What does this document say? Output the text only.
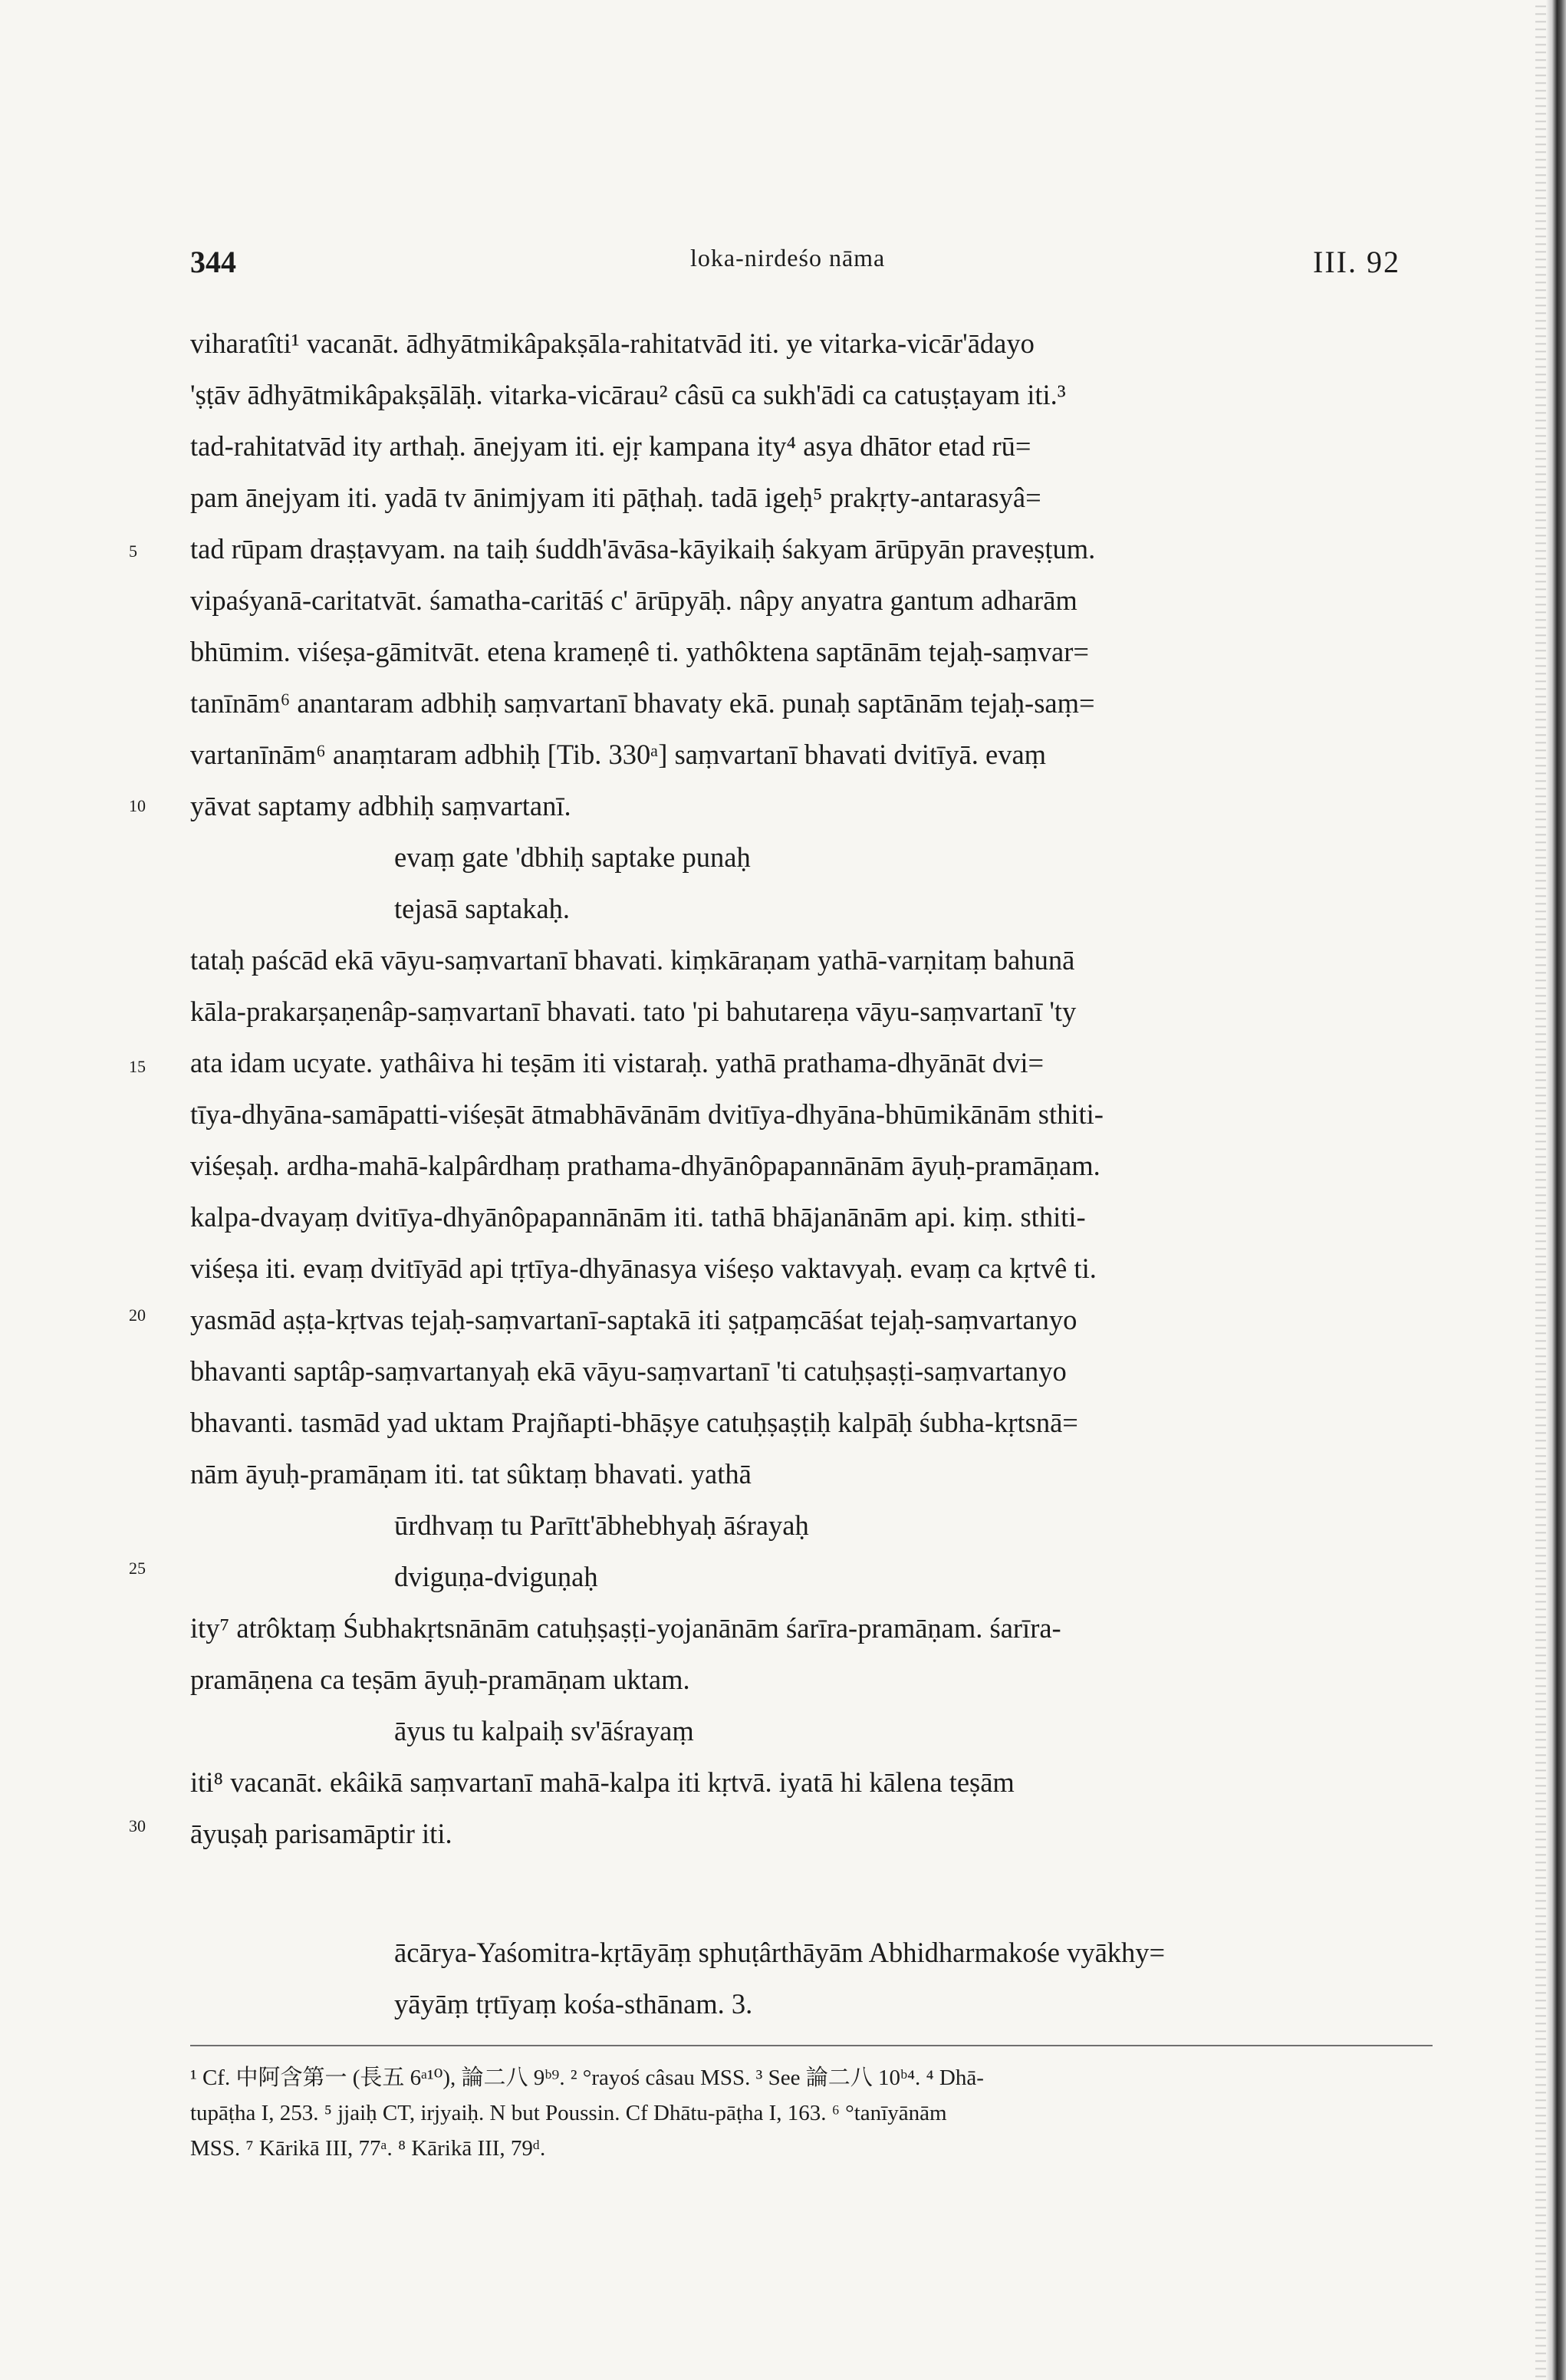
344	loka-nirdeśo nāma	III. 92
5
10
15
20
25
30
viharatîti¹ vacanāt. ādhyātmikâpakṣāla-rahitatvād iti. ye vitarka-vicār'ādayo
'ṣṭāv ādhyātmikâpakṣālāḥ. vitarka-vicārau² câsū ca sukh'ādi ca catuṣṭayam iti.³
tad-rahitatvād ity arthaḥ. ānejyam iti. ejṛ kampana ity⁴ asya dhātor etad rū=
pam ānejyam iti. yadā tv ānimjyam iti pāṭhaḥ. tadā igeḥ⁵ prakṛty-antarasyâ=
tad rūpam draṣṭavyam. na taiḥ śuddh'āvāsa-kāyikaiḥ śakyam ārūpyān praveṣṭum.
vipaśyanā-caritatvāt. śamatha-caritāś c' ārūpyāḥ. nâpy anyatra gantum adharām
bhūmim. viśeṣa-gāmitvāt. etena krameṇê ti. yathôktena saptānām tejaḥ-saṃvar=
tanīnām⁶ anantaram adbhiḥ saṃvartanī bhavaty ekā. punaḥ saptānām tejaḥ-saṃ=
vartanīnām⁶ anaṃtaram adbhiḥ [Tib. 330ᵃ] saṃvartanī bhavati dvitīyā. evaṃ
yāvat saptamy adbhiḥ saṃvartanī.
evaṃ gate 'dbhiḥ saptake punaḥ
tejasā saptakaḥ.
tataḥ paścād ekā vāyu-saṃvartanī bhavati. kiṃkāraṇam yathā-varṇitaṃ bahunā
kāla-prakarṣaṇenâp-saṃvartanī bhavati. tato 'pi bahutareṇa vāyu-saṃvartanī 'ty
ata idam ucyate. yathâiva hi teṣām iti vistaraḥ. yathā prathama-dhyānāt dvi=
tīya-dhyāna-samāpatti-viśeṣāt ātmabhāvānām dvitīya-dhyāna-bhūmikānām sthiti-
viśeṣaḥ. ardha-mahā-kalpârdhaṃ prathama-dhyānôpapannānām āyuḥ-pramāṇam.
kalpa-dvayaṃ dvitīya-dhyānôpapannānām iti. tathā bhājanānām api. kiṃ. sthiti-
viśeṣa iti. evaṃ dvitīyād api tṛtīya-dhyānasya viśeṣo vaktavyaḥ. evaṃ ca kṛtvê ti.
yasmād aṣṭa-kṛtvas tejaḥ-saṃvartanī-saptakā iti ṣaṭpaṃcāśat tejaḥ-saṃvartanyo
bhavanti saptâp-saṃvartanyaḥ ekā vāyu-saṃvartanī 'ti catuḥṣaṣṭi-saṃvartanyo
bhavanti. tasmād yad uktam Prajñapti-bhāṣye catuḥṣaṣṭiḥ kalpāḥ śubha-kṛtsnā=
nām āyuḥ-pramāṇam iti. tat sûktaṃ bhavati. yathā
ūrdhvaṃ tu Parītt'ābhebhyaḥ āśrayaḥ
dviguṇa-dviguṇaḥ
ity⁷ atrôktaṃ Śubhakṛtsnānām catuḥṣaṣṭi-yojanānām śarīra-pramāṇam. śarīra-
pramāṇena ca teṣām āyuḥ-pramāṇam uktam.
āyus tu kalpaiḥ sv'āśrayaṃ
iti⁸ vacanāt. ekâikā saṃvartanī mahā-kalpa iti kṛtvā. iyatā hi kālena teṣām
āyuṣaḥ parisamāptir iti.
ācārya-Yaśomitra-kṛtāyāṃ sphuṭârthāyām Abhidharmakośe vyākhy=
yāyāṃ tṛtīyaṃ kośa-sthānam. 3.
¹ Cf. 中阿含第一 (長五 6ᵃ¹⁰), 論二八 9ᵇ⁹. ² °rayoś câsau MSS. ³ See 論二八 10ᵇ⁴. ⁴ Dhā-
tupāṭha I, 253. ⁵ jjaiḥ CT, irjyaiḥ. N but Poussin. Cf Dhātu-pāṭha I, 163. ⁶ °tanīyānām
MSS. ⁷ Kārikā III, 77ᵃ. ⁸ Kārikā III, 79ᵈ.
